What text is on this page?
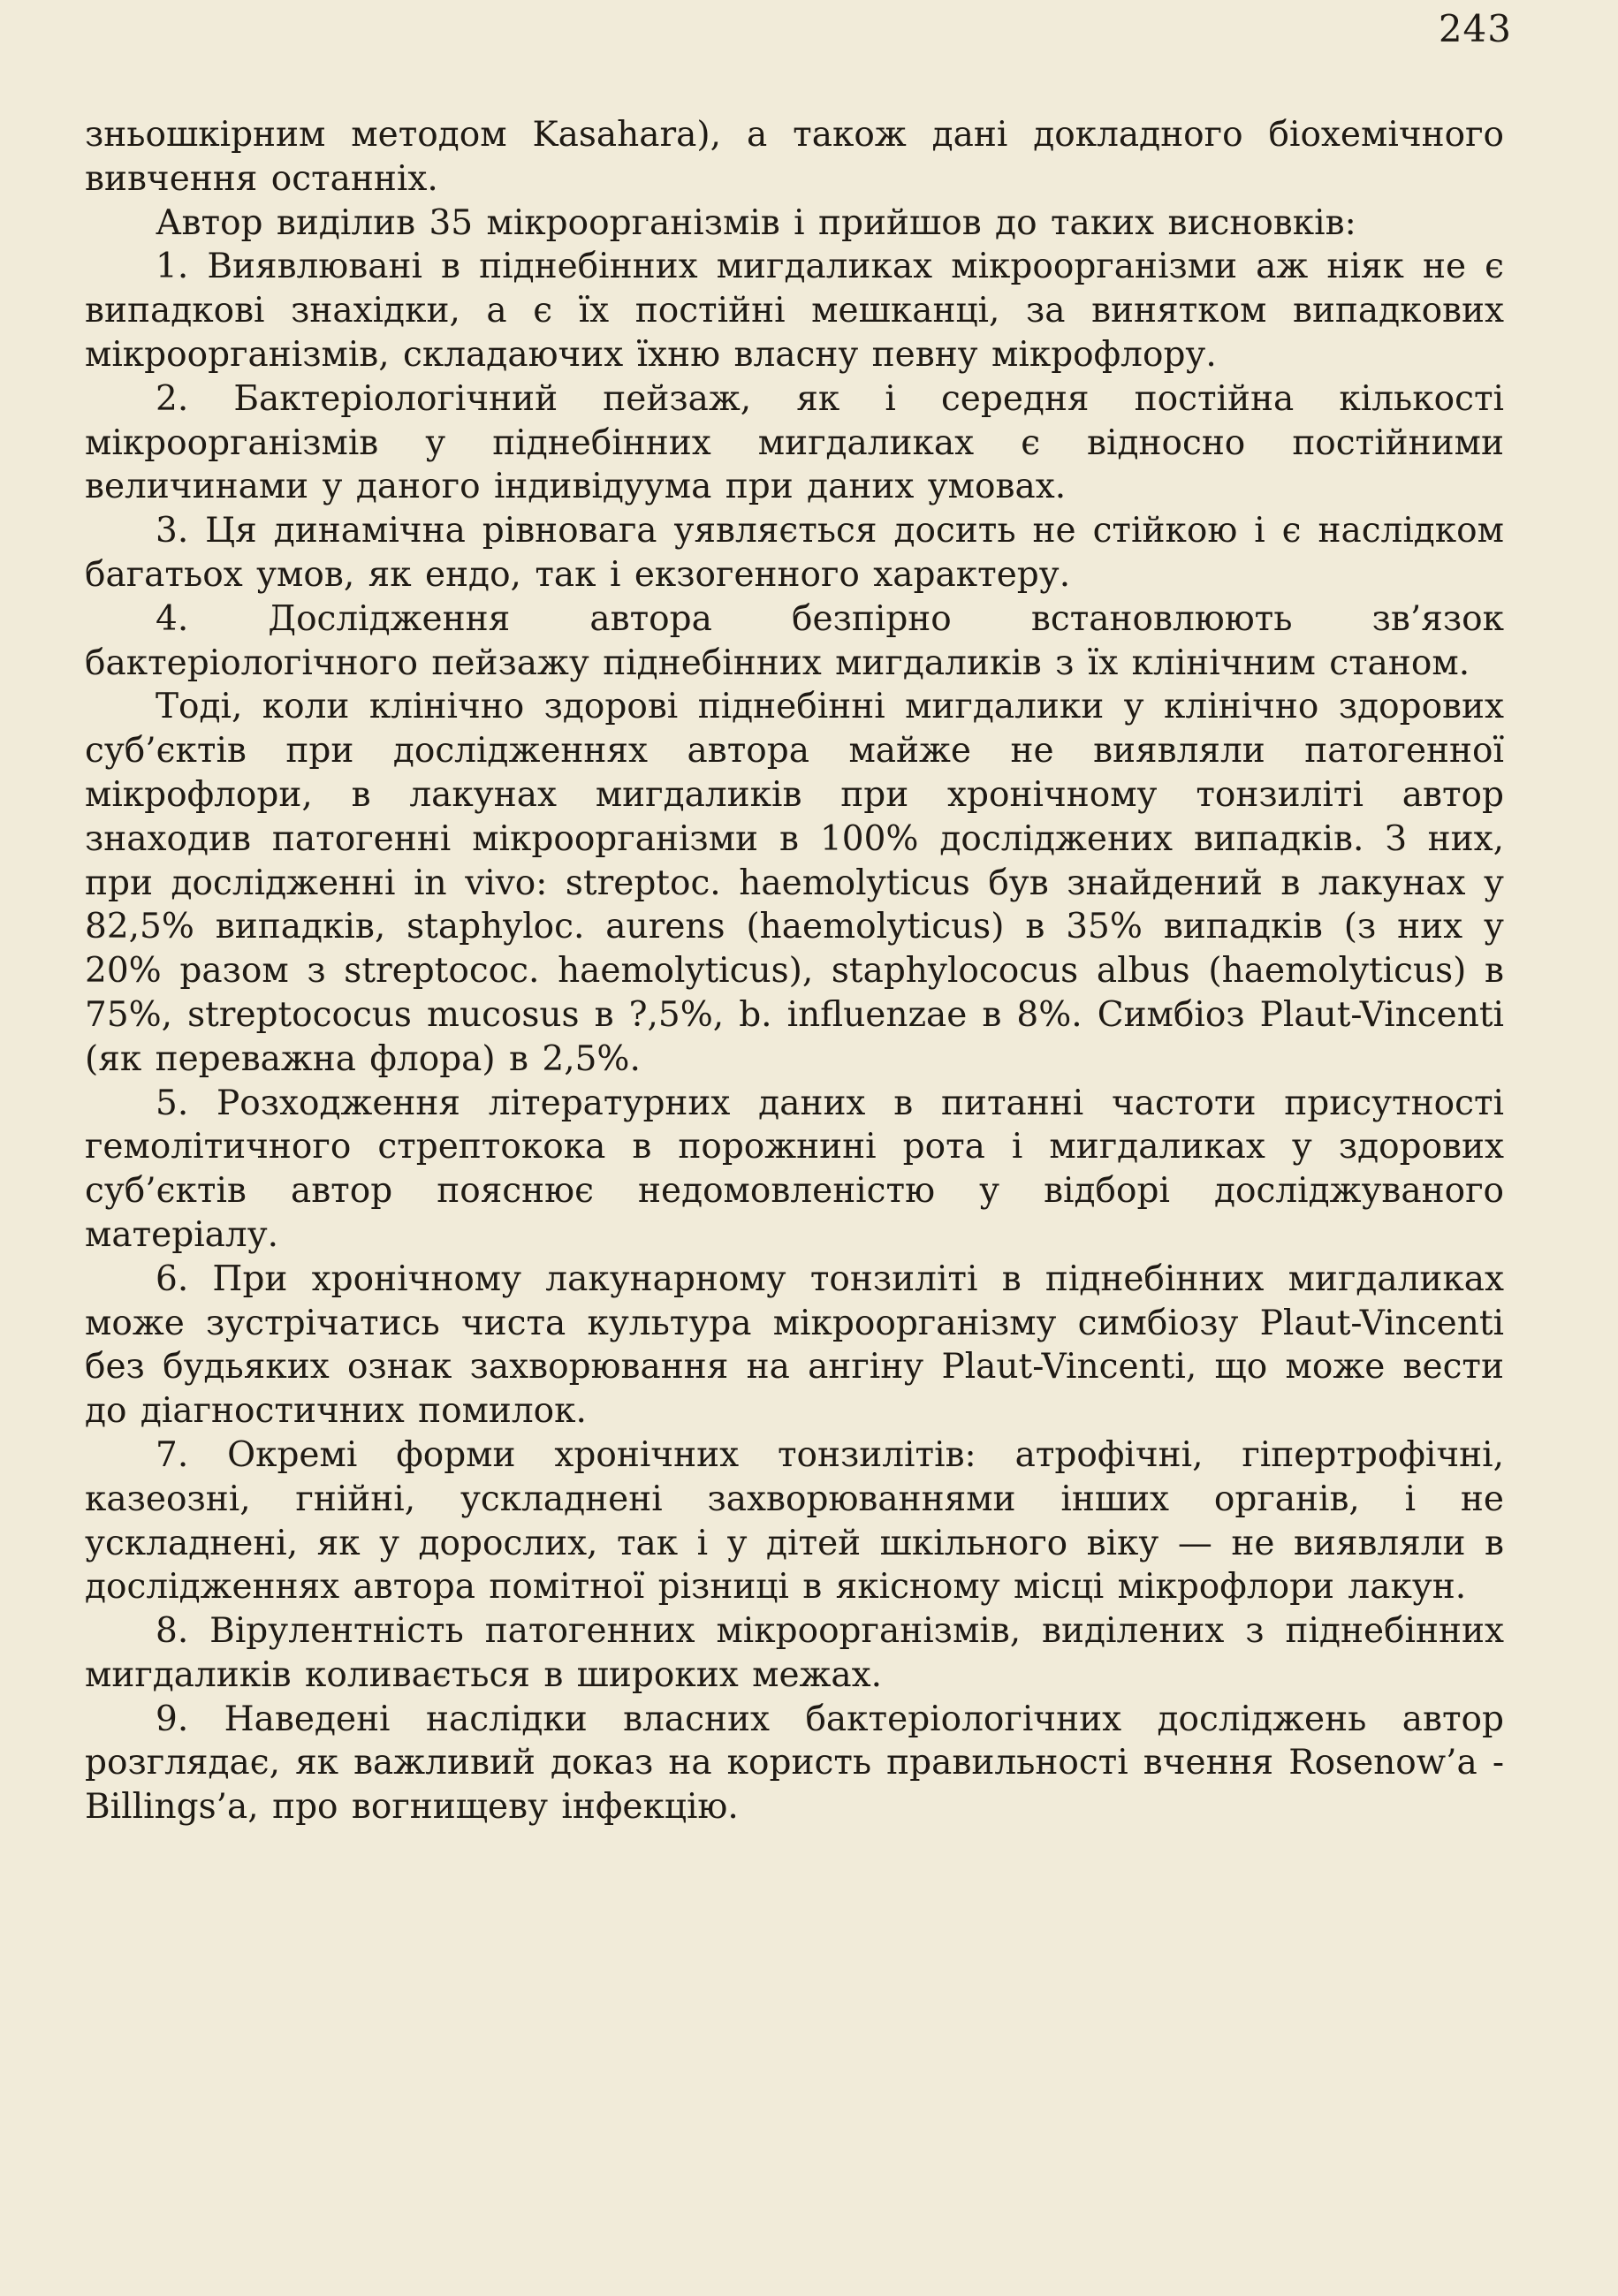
243

зньошкірним методом Kasahara), а також дані докладного біохемічного вивчення останніх.

Автор виділив 35 мікроорганізмів і прийшов до таких висновків:

1. Виявлювані в піднебінних мигдаликах мікроорганізми аж ніяк не є випадкові знахідки, а є їх постійні мешканці, за винятком випадкових мікроорганізмів, складаючих їхню власну певну мікрофлору.

2. Бактеріологічний пейзаж, як і середня постійна кількості мікроорганізмів у піднебінних мигдаликах є відносно постійними величинами у даного індивідуума при даних умовах.

3. Ця динамічна рівновага уявляється досить не стійкою і є наслідком багатьох умов, як ендо, так і екзогенного характеру.

4. Дослідження автора безпірно встановлюють зв’язок бактеріологічного пейзажу піднебінних мигдаликів з їх клінічним станом.

Тоді, коли клінічно здорові піднебінні мигдалики у клінічно здорових суб’єктів при дослідженнях автора майже не виявляли патогенної мікрофлори, в лакунах мигдаликів при хронічному тонзиліті автор знаходив патогенні мікроорганізми в 100% досліджених випадків. З них, при дослідженні in vivo: streptoc. haemolyticus був знайдений в лакунах у 82,5% випадків, staphyloc. aurens (haemolyticus) в 35% випадків (з них у 20% разом з streptococ. haemolyticus), staphylococus albus (haemolyticus) в 75%, streptococus mucosus в ?,5%, b. influenzae в 8%. Симбіоз Plaut-Vincenti (як переважна флора) в 2,5%.

5. Розходження літературних даних в питанні частоти присутності гемолітичного стрептокока в порожнині рота і мигдаликах у здорових суб’єктів автор пояснює недомовленістю у відборі досліджуваного матеріалу.

6. При хронічному лакунарному тонзиліті в піднебінних мигдаликах може зустрічатись чиста культура мікроорганізму симбіозу Plaut-Vincenti без будьяких ознак захворювання на ангіну Plaut-Vincenti, що може вести до діагностичних помилок.

7. Окремі форми хронічних тонзилітів: атрофічні, гіпертрофічні, казеозні, гнійні, ускладнені захворюваннями інших органів, і не ускладнені, як у дорослих, так і у дітей шкільного віку — не виявляли в дослідженнях автора помітної різниці в якісному місці мікрофлори лакун.

8. Вірулентність патогенних мікроорганізмів, виділених з піднебінних мигдаликів коливається в широких межах.

9. Наведені наслідки власних бактеріологічних досліджень автор розглядає, як важливий доказ на користь правильності вчення Rosenow’a - Billings’a, про вогнищеву інфекцію.
